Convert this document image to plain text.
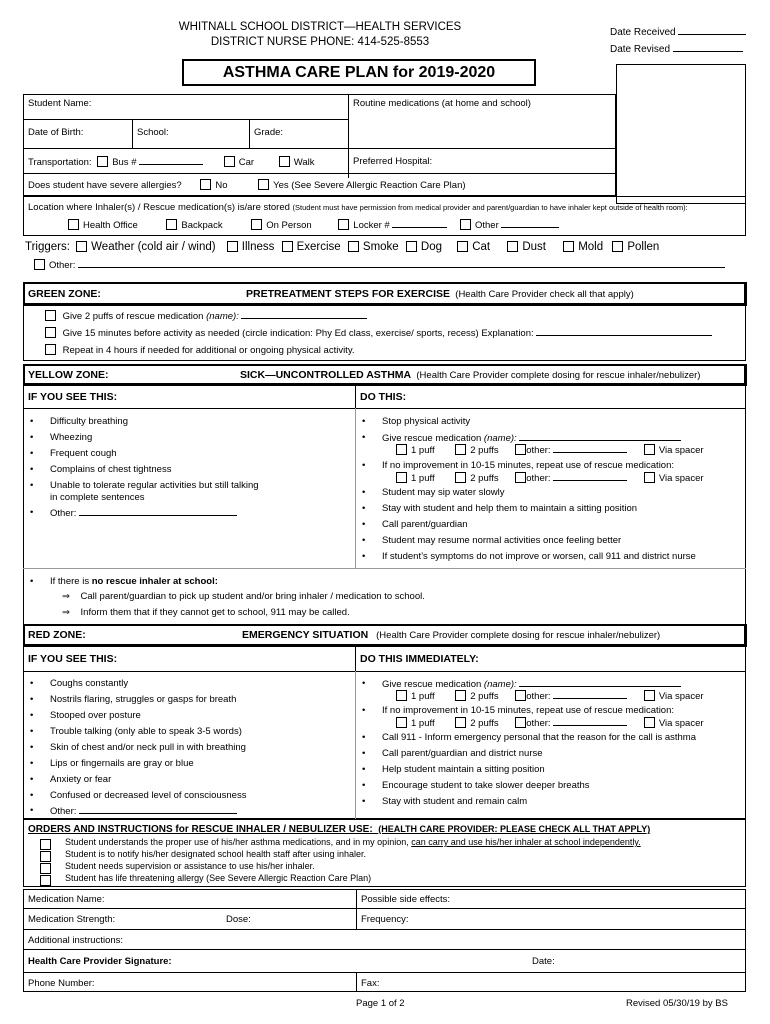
WHITNALL SCHOOL DISTRICT—HEALTH SERVICES
DISTRICT NURSE PHONE: 414-525-8553
Date Received
Date Revised
ASTHMA CARE PLAN for 2019-2020
Student Name:	Routine medications (at home and school)
Date of Birth:	School:	Grade:
Transportation: Bus #	Car	Walk	Preferred Hospital:
Does student have severe allergies?	No	Yes (See Severe Allergic Reaction Care Plan)
Location where Inhaler(s) / Rescue medication(s) is/are stored (Student must have permission from medical provider and parent/guardian to have inhaler kept outside of health room):
Health Office	Backpack	On Person	Locker #	Other
Triggers: Weather (cold air / wind) Illness Exercise Smoke Dog	Cat	Dust	Mold Pollen
Other:
GREEN ZONE:	PRETREATMENT STEPS FOR EXERCISE (Health Care Provider check all that apply)
Give 2 puffs of rescue medication (name):
Give 15 minutes before activity as needed (circle indication: Phy Ed class, exercise/ sports, recess) Explanation:
Repeat in 4 hours if needed for additional or ongoing physical activity.
YELLOW ZONE:	SICK—UNCONTROLLED ASTHMA (Health Care Provider complete dosing for rescue inhaler/nebulizer)
IF YOU SEE THIS:	DO THIS:
• Difficulty breathing
• Wheezing
• Frequent cough
• Complains of chest tightness
• Unable to tolerate regular activities but still talking
in complete sentences
• Other:
• Stop physical activity
• Give rescue medication (name):
1 puff	2 puffs	other:	Via spacer
• If no improvement in 10-15 minutes, repeat use of rescue medication:
1 puff	2 puffs	other:	Via spacer
• Student may sip water slowly
• Stay with student and help them to maintain a sitting position
• Call parent/guardian
• Student may resume normal activities once feeling better
• If student’s symptoms do not improve or worsen, call 911 and district nurse
• If there is no rescue inhaler at school:
⇒    Call parent/guardian to pick up student and/or bring inhaler / medication to school.
⇒    Inform them that if they cannot get to school, 911 may be called.
RED ZONE:	EMERGENCY SITUATION (Health Care Provider complete dosing for rescue inhaler/nebulizer)
IF YOU SEE THIS:	DO THIS IMMEDIATELY:
• Coughs constantly
• Nostrils flaring, struggles or gasps for breath
• Stooped over posture
• Trouble talking (only able to speak 3-5 words)
• Skin of chest and/or neck pull in with breathing
• Lips or fingernails are gray or blue
• Anxiety or fear
• Confused or decreased level of consciousness
• Other:
• Give rescue medication (name):
1 puff	2 puffs	other:	Via spacer
• If no improvement in 10-15 minutes, repeat use of rescue medication:
1 puff	2 puffs	other:	Via spacer
• Call 911 - Inform emergency personal that the reason for the call is asthma
• Call parent/guardian and district nurse
• Help student maintain a sitting position
• Encourage student to take slower deeper breaths
• Stay with student and remain calm
ORDERS AND INSTRUCTIONS for RESCUE INHALER / NEBULIZER USE: (HEALTH CARE PROVIDER: PLEASE CHECK ALL THAT APPLY)
Student understands the proper use of his/her asthma medications, and in my opinion, can carry and use his/her inhaler at school independently.
Student is to notify his/her designated school health staff after using inhaler.
Student needs supervision or assistance to use his/her inhaler.
Student has life threatening allergy (See Severe Allergic Reaction Care Plan)
Medication Name:	Possible side effects:
Medication Strength:	Dose:	Frequency:
Additional instructions:
Health Care Provider Signature:	Date:
Phone Number:	Fax:
Page 1 of 2	Revised 05/30/19 by BS
